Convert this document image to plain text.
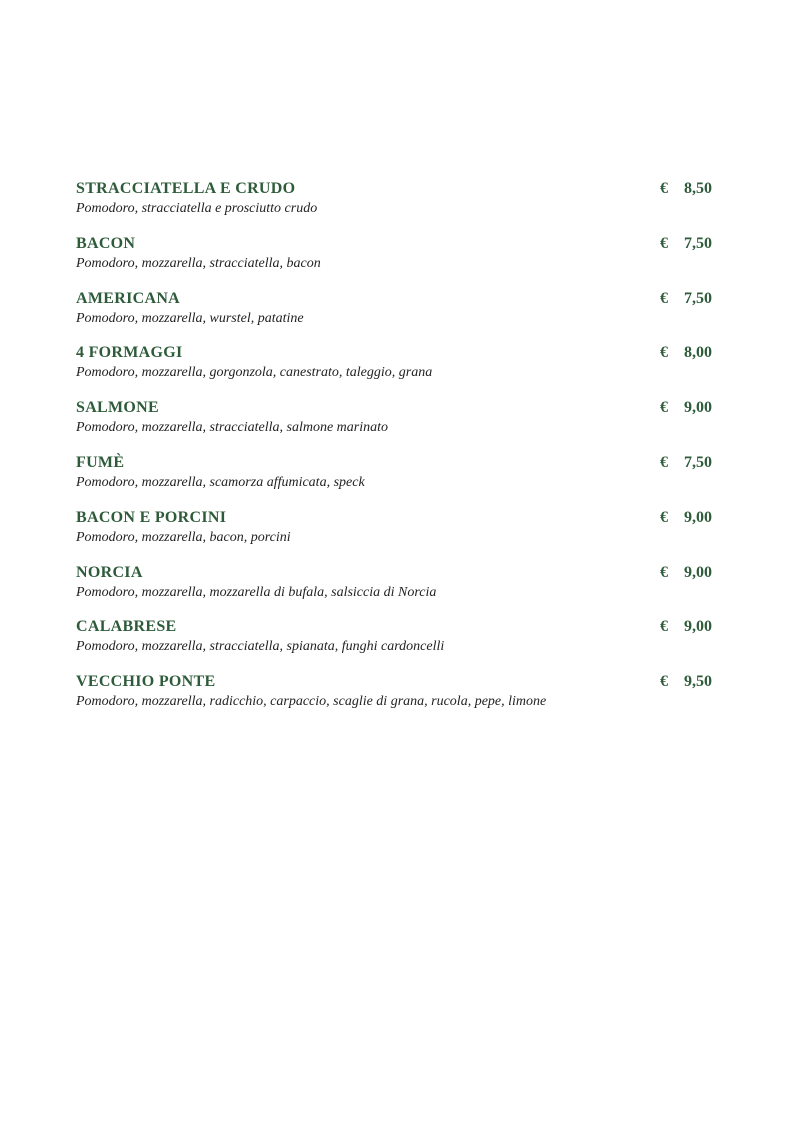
STRACCIATELLA E CRUDO
Pomodoro, stracciatella e prosciutto crudo
€ 8,50
BACON
Pomodoro, mozzarella, stracciatella, bacon
€ 7,50
AMERICANA
Pomodoro, mozzarella, wurstel, patatine
€ 7,50
4 FORMAGGI
Pomodoro, mozzarella, gorgonzola, canestrato, taleggio, grana
€ 8,00
SALMONE
Pomodoro, mozzarella, stracciatella, salmone marinato
€ 9,00
FUMÈ
Pomodoro, mozzarella, scamorza affumicata, speck
€ 7,50
BACON E PORCINI
Pomodoro, mozzarella, bacon, porcini
€ 9,00
NORCIA
Pomodoro, mozzarella, mozzarella di bufala, salsiccia di Norcia
€ 9,00
CALABRESE
Pomodoro, mozzarella, stracciatella, spianata, funghi cardoncelli
€ 9,00
VECCHIO PONTE
Pomodoro, mozzarella, radicchio, carpaccio, scaglie di grana, rucola, pepe, limone
€ 9,50
